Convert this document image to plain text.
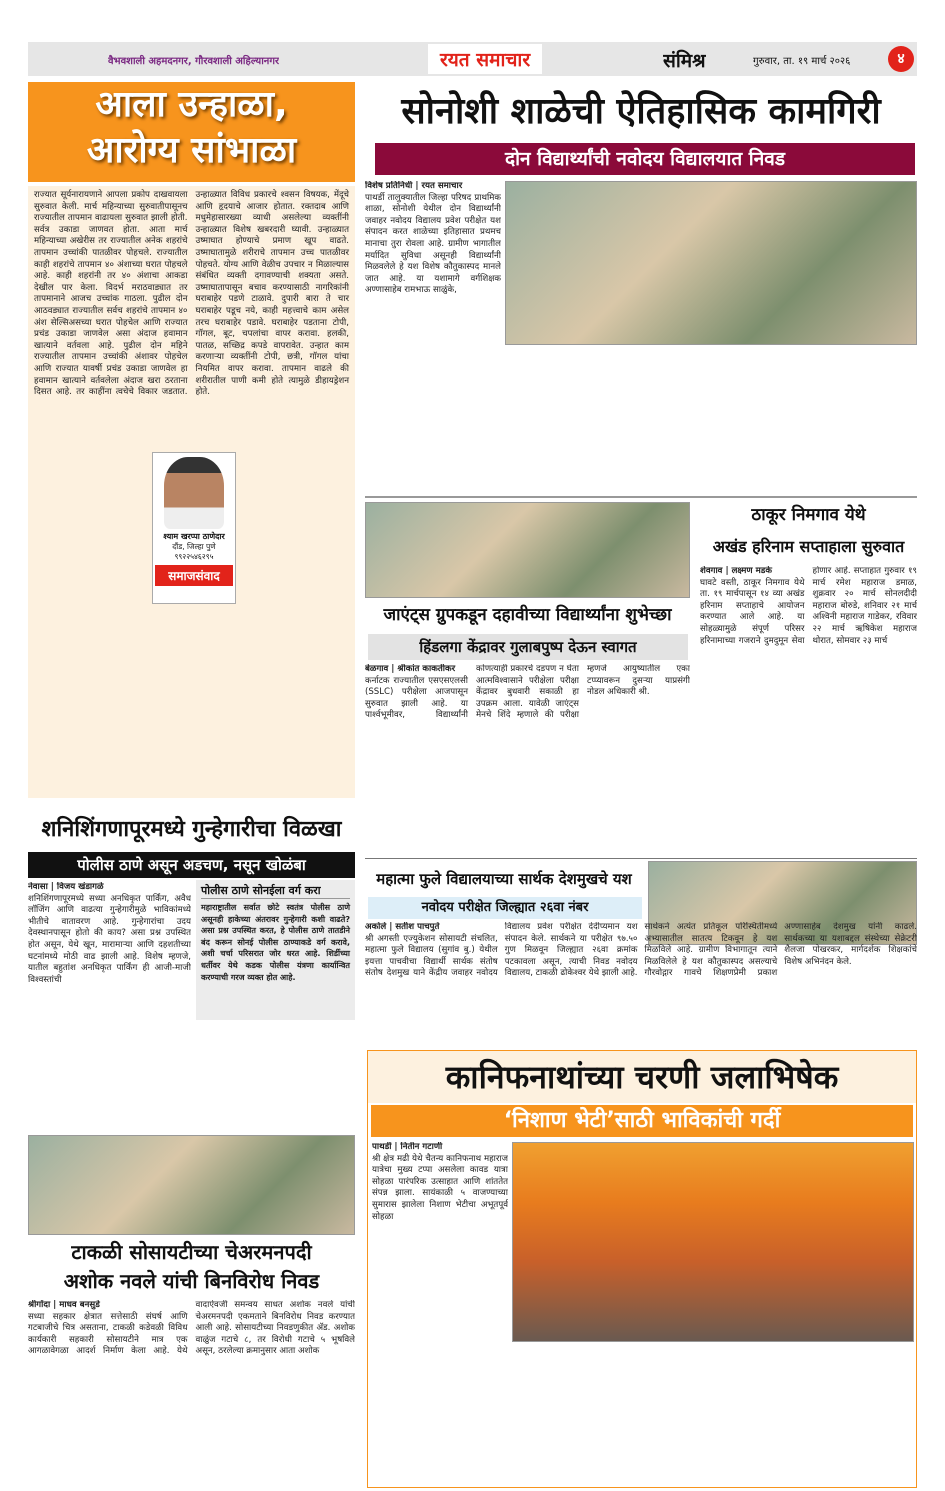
वैभवशाली अहमदनगर, गौरवशाली अहिल्यानगर	रयत समाचार	संमिश्र	गुरुवार, ता. १९ मार्च २०२६	४
आला उन्हाळा,
आरोग्य सांभाळा
राज्यात सूर्यनारायणाने आपला प्रकोप दाखवायला सुरुवात केली. मार्च महिन्याच्या सुरुवातीपासूनच राज्यातील तापमान वाढायला सुरुवात झाली होती. सर्वत्र उकाडा जाणवत होता. आता मार्च महिन्याच्या अखेरीस तर राज्यातील अनेक शहरांचे तापमान उच्चांकी पातळीवर पोहचले. राज्यातील काही शहरांचे तापमान ४० अंशाच्या घरात पोहचले आहे. काही शहरांनी तर ४० अंशाचा आकडा देखील पार केला. विदर्भ मराठवाड्यात तर तापमानाने आजच उच्चांक गाठला. पुढील दोन आठवड्यात राज्यातील सर्वच शहरांचे तापमान ४० अंश सेल्सिअसच्या घरात पोहचेल आणि राज्यात प्रचंड उकाडा जाणवेल असा अंदाज हवामान खात्याने वर्तवला आहे. पुढील दोन महिने राज्यातील तापमान उच्चांकी अंशावर पोहचेल आणि राज्यात यावर्षी प्रचंड उकाडा जाणवेल हा हवामान खात्याने वर्तवलेला अंदाज खरा ठरताना दिसत आहे. तर काहींना त्वचेचे विकार जडतात. उन्हाळ्यात विविध प्रकारचे श्वसन विषयक, मेंदूचे आणि हृदयाचे आजार होतात. रक्तदाब आणि मधुमेहासारख्या व्याधी असलेल्या व्यक्तींनी उन्हाळ्यात विशेष खबरदारी घ्यावी. उन्हाळ्यात उष्माघात होण्याचे प्रमाण खूप वाढते. उष्माघातामुळे शरीराचे तापमान उच्च पातळीवर पोहचते. योग्य आणि वेळीच उपचार न मिळाल्यास संबंधित व्यक्ती दगावण्याची शक्यता असते. उष्माघातापासून बचाव करण्यासाठी नागरिकांनी घराबाहेर पडणे टाळावे. दुपारी बारा ते चार घराबाहेर पडूच नये, काही महत्त्वाचे काम असेल तरच घराबाहेर पडावे. घराबाहेर पडताना टोपी, गॉगल, बूट, चपलांचा वापर करावा. हलकी, पातळ, सच्छिद्र कपडे वापरावेत. उन्हात काम करणाऱ्या व्यक्तींनी टोपी, छत्री, गॉगल यांचा नियमित वापर करावा. तापमान वाढले की शरीरातील पाणी कमी होते त्यामुळे डीहायड्रेशन होते.
श्याम खरप्पा ठाणेदार
दौंड, जिल्हा पुणे
९९२२५४६२९५
समाजसंवाद
शनिशिंगणापूरमध्ये गुन्हेगारीचा विळखा
पोलीस ठाणे असून अडचण, नसून खोळंबा
नेवासा | विजय खंडागळे
शनिशिंगणापूरमध्ये सध्या अनधिकृत पार्किंग, अवैध लॉजिंग आणि वाढत्या गुन्हेगारीमुळे भाविकांमध्ये भीतीचे वातावरण आहे. गुन्हेगारांचा उदय देवस्थानपासून होतो की काय? असा प्रश्न उपस्थित होत असून, येथे खून, मारामाऱ्या आणि दहशतीच्या घटनांमध्ये मोठी वाढ झाली आहे. विशेष म्हणजे, यातील बहुतांश अनधिकृत पार्किंग ही आजी-माजी विश्वस्तांची
पोलीस ठाणे सोनईला वर्ग करा
महाराष्ट्रातील सर्वात छोटे स्वतंत्र पोलीस ठाणे असूनही हाकेच्या अंतरावर गुन्हेगारी कशी वाढते? असा प्रश्न उपस्थित करत, हे पोलीस ठाणे तातडीने बंद करून सोनई पोलीस ठाण्याकडे वर्ग करावे, अशी चर्चा परिसरात जोर धरत आहे. शिर्डीच्या धर्तीवर येथे कडक पोलीस यंत्रणा कार्यान्वित करण्याची गरज व्यक्त होत आहे.
टाकळी सोसायटीच्या चेअरमनपदी
अशोक नवले यांची बिनविरोध निवड
श्रीगोंदा | माधव बनसुडे
सध्या सहकार क्षेत्रात सत्तेसाठी संघर्ष आणि गटबाजीचे चित्र असताना, टाकळी कडेवळी विविध कार्यकारी सहकारी सोसायटीने मात्र एक आगळावेगळा आदर्श निर्माण केला आहे. येथे वादाऐवजी समन्वय साधत अशोक नवले यांची चेअरमनपदी एकमताने बिनविरोध निवड करण्यात आली आहे. सोसायटीच्या निवडणुकीत ॲड. अशोक वाळुंज गटाचे ८, तर विरोधी गटाचे ५ भूषविले असून, ठरलेल्या क्रमानुसार आता अशोक
सोनोशी शाळेची ऐतिहासिक कामगिरी
दोन विद्यार्थ्यांची नवोदय विद्यालयात निवड
विशेष प्रतिनिधी | रयत समाचार
पाथर्डी तालुक्यातील जिल्हा परिषद प्राथमिक शाळा, सोनोशी येथील दोन विद्यार्थ्यांनी जवाहर नवोदय विद्यालय प्रवेश परीक्षेत यश संपादन करत शाळेच्या इतिहासात प्रथमच मानाचा तुरा रोवला आहे. ग्रामीण भागातील मर्यादित सुविधा असूनही विद्यार्थ्यांनी मिळवलेले हे यश विशेष कौतुकास्पद मानले जात आहे. या यशामागे वर्गशिक्षक अण्णासाहेब रामभाऊ साळुंके,
जाएंट्स ग्रुपकडून दहावीच्या विद्यार्थ्यांना शुभेच्छा
हिंडलगा केंद्रावर गुलाबपुष्प देऊन स्वागत
बेळगाव | श्रीकांत काकतीकर
कर्नाटक राज्यातील एसएसएलसी (SSLC) परीक्षेला आजपासून सुरुवात झाली आहे. या पार्श्वभूमीवर, विद्यार्थ्यांनी कोणत्याही प्रकारचे दडपण न घेता आत्मविश्वासाने परीक्षेला परीक्षा केंद्रावर बुधवारी सकाळी हा उपक्रम आला. यावेळी जाएंट्स मेनचे शिंदे म्हणाले की परीक्षा म्हणजे आयुष्यातील एका टप्प्यावरून दुसऱ्या याप्रसंगी नोडल अधिकारी श्री.
ठाकूर निमगाव येथे
अखंड हरिनाम सप्ताहाला सुरुवात
शेवगाव | लक्ष्मण मडके
घावटे वस्ती, ठाकूर निमगाव येथे ता. १९ मार्चपासून १४ व्या अखंड हरिनाम सप्ताहाचे आयोजन करण्यात आले आहे. या सोहळ्यामुळे संपूर्ण परिसर हरिनामाच्या गजराने दुमदुमून सेवा होणार आहे. सप्ताहात गुरुवार १९ मार्च रमेश महाराज डमाळ, शुक्रवार २० मार्च सोनलदीदी महाराज बोरुडे, शनिवार २१ मार्च अश्विनी महाराज गाडेकर, रविवार २२ मार्च ऋषिकेश महाराज थोरात, सोमवार २३ मार्च
महात्मा फुले विद्यालयाच्या सार्थक देशमुखचे यश
नवोदय परीक्षेत जिल्ह्यात २६वा नंबर
अकोले | सतीश पाचपुते
श्री अगस्ती एज्युकेशन सोसायटी संचलित, महात्मा फुले विद्यालय (सुगांव बु.) येथील इयत्ता पाचवीचा विद्यार्थी सार्थक संतोष संतोष देशमुख याने केंद्रीय जवाहर नवोदय विद्यालय प्रवेश परीक्षेत देदीप्यमान यश संपादन केले. सार्थकने या परीक्षेत ९७.५० गुण मिळवून जिल्ह्यात २६वा क्रमांक पटकावला असून, त्याची निवड नवोदय विद्यालय, टाकळी ढोकेश्वर येथे झाली आहे. सार्थकने अत्यंत प्रतिकूल परिस्थितीमध्ये अभ्यासातील सातत्य टिकवून हे यश मिळविले आहे. ग्रामीण विभागातून त्याने मिळविलेले हे यश कौतुकास्पद असल्याचे गौरवोद्गार गावचे शिक्षणप्रेमी प्रकाश अण्णासाहेब देशमुख यांनी काढले. सार्थकच्या या यशाबद्दल संस्थेच्या सेक्रेटरी शैलजा पोखरकर, मार्गदर्शक शिक्षकांचे विशेष अभिनंदन केले.
कानिफनाथांच्या चरणी जलाभिषेक
‘निशाण भेटी’साठी भाविकांची गर्दी
पाथर्डी | नितीन गटाणी
श्री क्षेत्र मढी येथे चैतन्य कानिफनाथ महाराज यात्रेचा मुख्य टप्पा असलेला कावड यात्रा सोहळा पारंपरिक उत्साहात आणि शांततेत संपन्न झाला. सायंकाळी ५ वाजण्याच्या सुमारास झालेला निशाण भेटीचा अभूतपूर्व सोहळा
